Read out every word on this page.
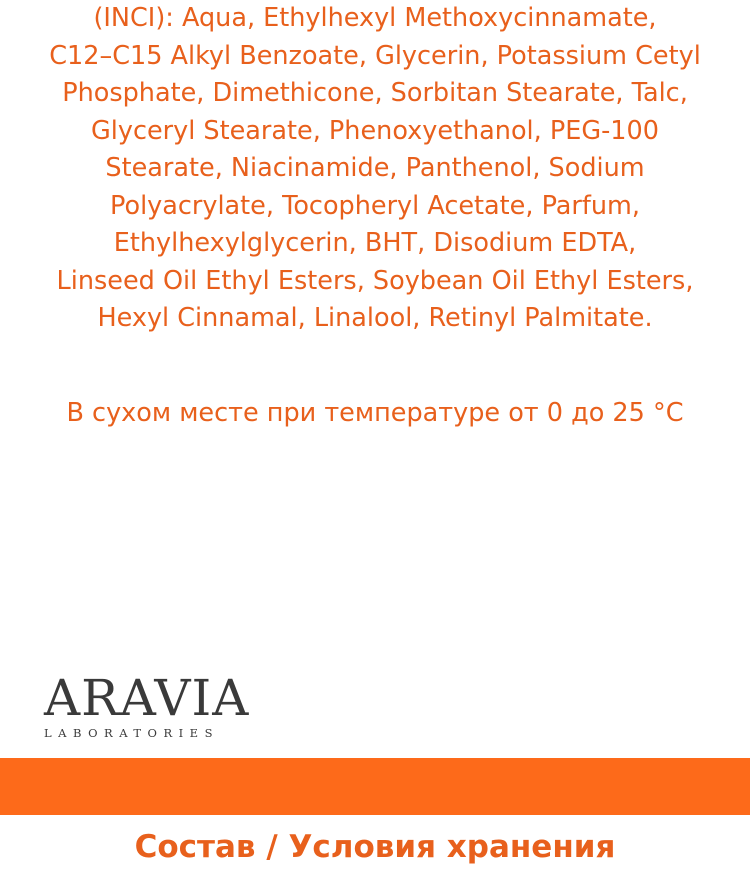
(INCI): Aqua, Ethylhexyl Methoxycinnamate,
C12–C15 Alkyl Benzoate, Glycerin, Potassium Cetyl
Phosphate, Dimethicone, Sorbitan Stearate, Talc,
Glyceryl Stearate, Phenoxyethanol, PEG-100
Stearate, Niacinamide, Panthenol, Sodium
Polyacrylate, Tocopheryl Acetate, Parfum,
Ethylhexylglycerin, BHT, Disodium EDTA,
Linseed Oil Ethyl Esters, Soybean Oil Ethyl Esters,
Hexyl Cinnamal, Linalool, Retinyl Palmitate.
В сухом месте при температуре от 0 до 25 °С
ARAVIA
LABORATORIES
Состав / Условия хранения
